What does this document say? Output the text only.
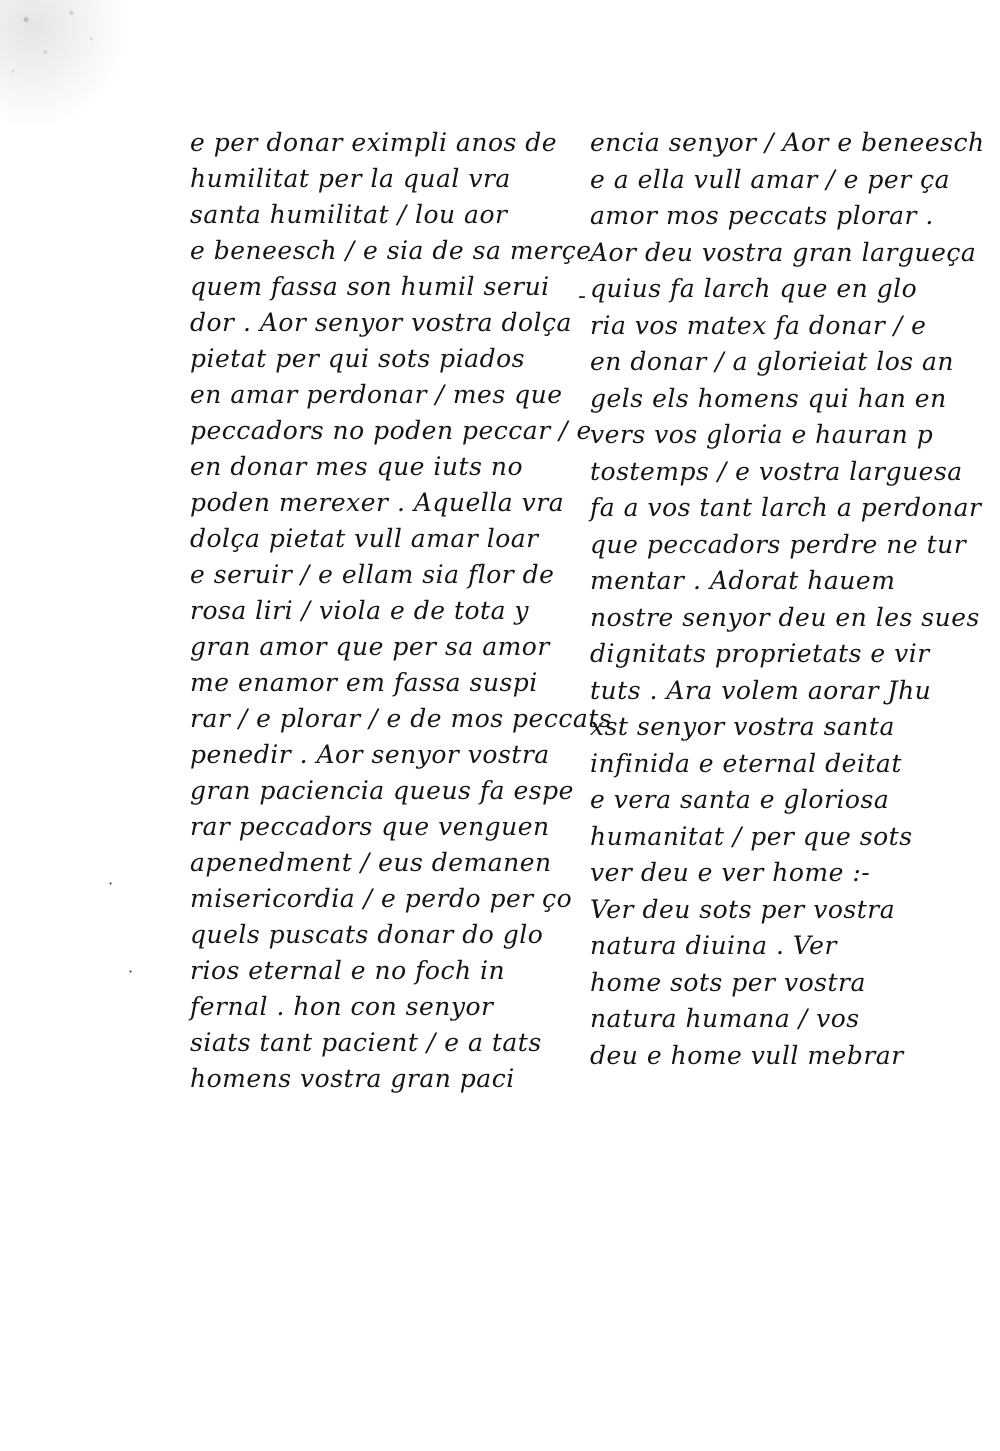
e per donar eximpli anos de
humilitat per la qual vra
santa humilitat / lou aor
e beneesch / e sia de sa merçe
quem fassa son humil serui
dor . Aor senyor vostra dolça
pietat per qui sots piados
en amar perdonar / mes que
peccadors no poden peccar / e
en donar mes que iuts no
poden merexer . Aquella vra
dolça pietat vull amar loar
e seruir / e ellam sia flor de
rosa liri / viola e de tota y
gran amor que per sa amor
me enamor em fassa suspi
rar / e plorar / e de mos peccats
penedir . Aor senyor vostra
gran paciencia queus fa espe
rar peccadors que venguen
apenedment / eus demanen
misericordia / e perdo per ço
quels puscats donar do glo
rios eternal e no foch in
fernal . hon con senyor
siats tant pacient / e a tats
homens vostra gran paci
encia senyor / Aor e beneesch
e a ella vull amar / e per ça
amor mos peccats plorar .
Aor deu vostra gran largueça
quius fa larch que en glo
ria vos matex fa donar / e
en donar / a glorieiat los an
gels els homens qui han en
vers vos gloria e hauran p
tostemps / e vostra larguesa
fa a vos tant larch a perdonar
que peccadors perdre ne tur
mentar . Adorat hauem
nostre senyor deu en les sues
dignitats proprietats e vir
tuts . Ara volem aorar Jhu
xst senyor vostra santa
infinida e eternal deitat
e vera santa e gloriosa
humanitat / per que sots
ver deu e ver home :-
Ver deu sots per vostra
natura diuina . Ver
home sots per vostra
natura humana / vos
deu e home vull mebrar
-
·
·
